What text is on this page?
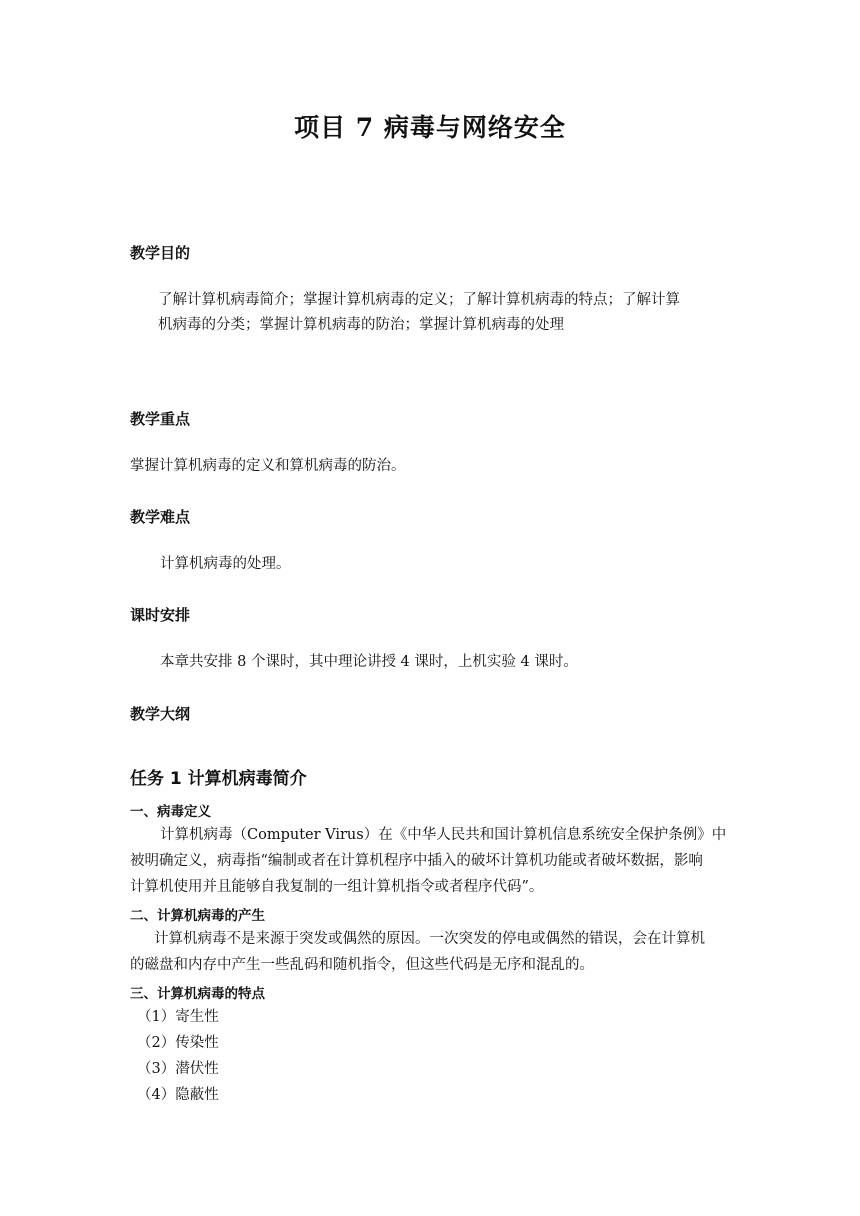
项目 7 病毒与网络安全
教学目的
了解计算机病毒简介；掌握计算机病毒的定义；了解计算机病毒的特点；了解计算
机病毒的分类；掌握计算机病毒的防治；掌握计算机病毒的处理
教学重点
掌握计算机病毒的定义和算机病毒的防治。
教学难点
计算机病毒的处理。
课时安排
本章共安排 8 个课时，其中理论讲授 4 课时，上机实验 4 课时。
教学大纲
任务 1 计算机病毒简介
一、病毒定义
计算机病毒（Computer Virus）在《中华人民共和国计算机信息系统安全保护条例》中
被明确定义，病毒指“编制或者在计算机程序中插入的破坏计算机功能或者破坏数据，影响
计算机使用并且能够自我复制的一组计算机指令或者程序代码”。
二、计算机病毒的产生
计算机病毒不是来源于突发或偶然的原因。一次突发的停电或偶然的错误，会在计算机
的磁盘和内存中产生一些乱码和随机指令，但这些代码是无序和混乱的。
三、计算机病毒的特点
（1）寄生性
（2）传染性
（3）潜伏性
（4）隐蔽性
